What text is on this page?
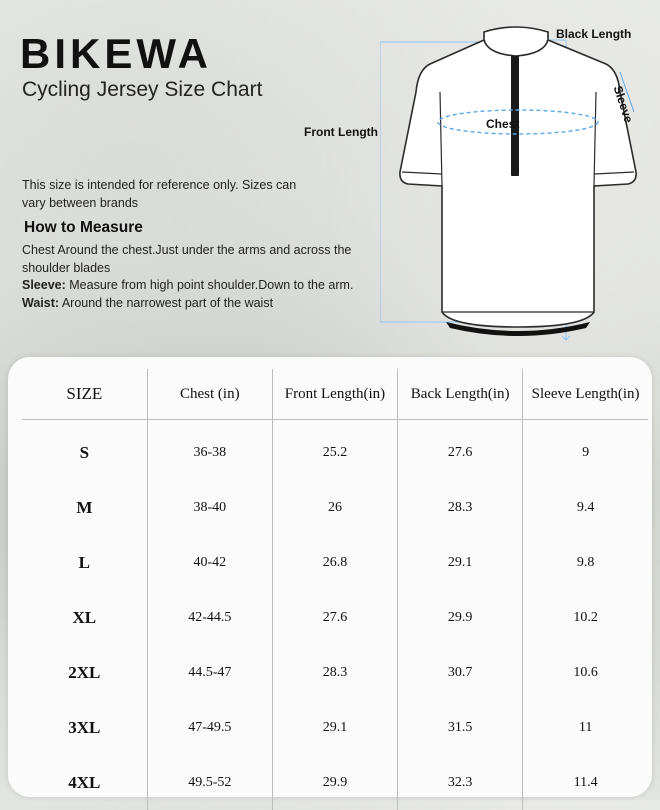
BIKEWA
Cycling Jersey Size Chart
This size is intended for reference only. Sizes can vary between brands
How to Measure

Chest Around the chest.Just under the arms and across the shoulder blades

Sleeve: Measure from high point shoulder.Down to the arm.

Waist: Around the narrowest part of the waist

Black Length
Sleeve
Chest
Front Length
SIZE	Chest (in)	Front Length(in)	Back Length(in)	Sleeve Length(in)
S	36-38	25.2	27.6	9
M	38-40	26	28.3	9.4
L	40-42	26.8	29.1	9.8
XL	42-44.5	27.6	29.9	10.2
2XL	44.5-47	28.3	30.7	10.6
3XL	47-49.5	29.1	31.5	11
4XL	49.5-52	29.9	32.3	11.4
